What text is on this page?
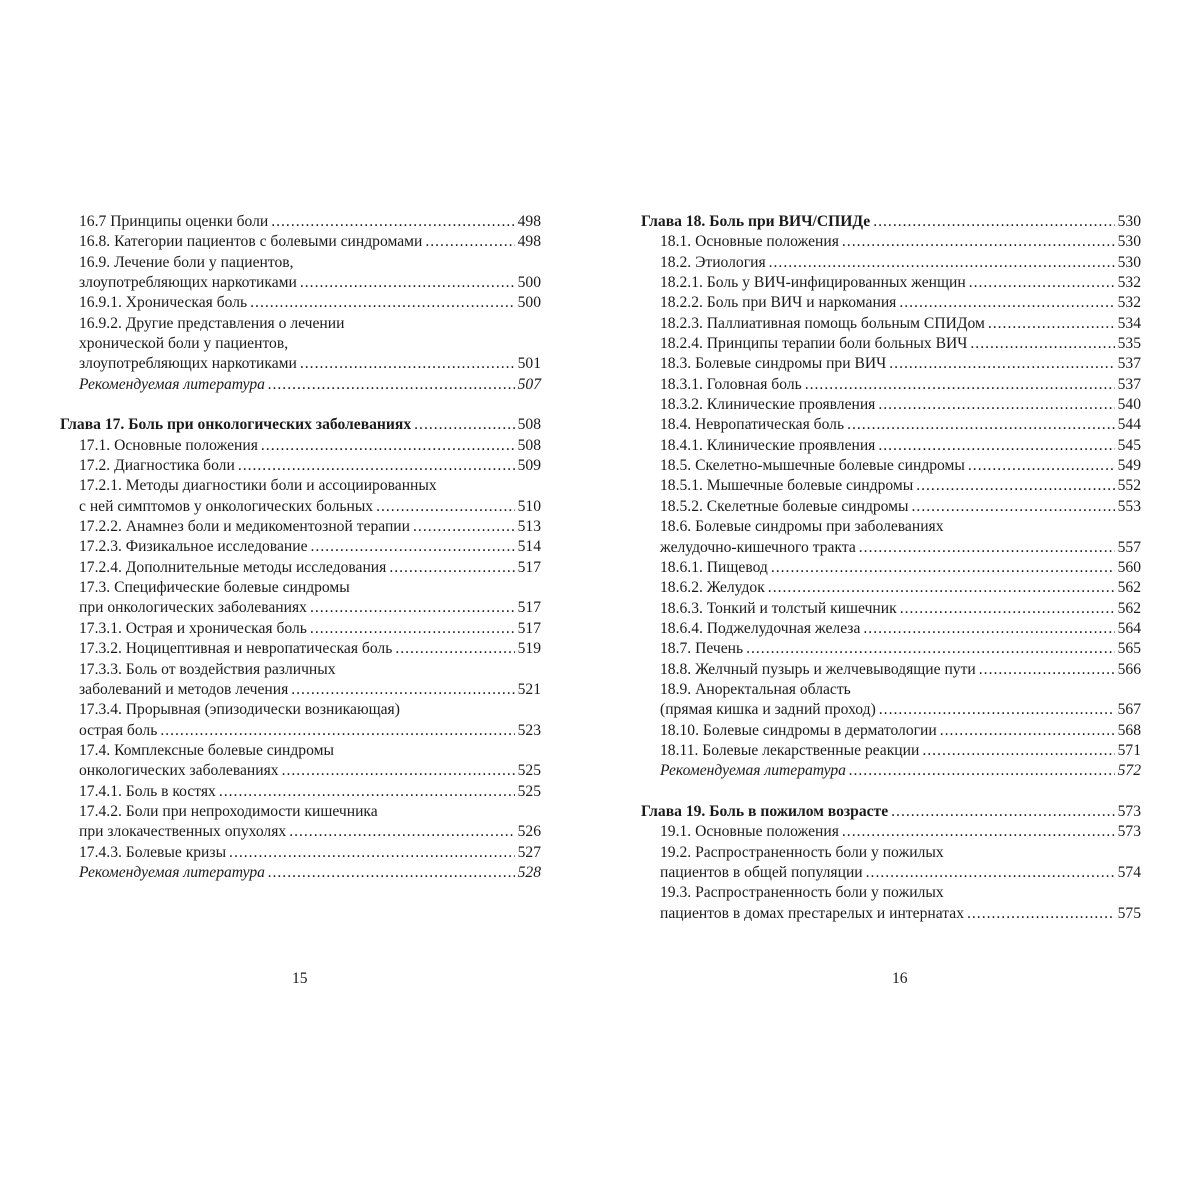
16.7 Принципы оценки боли .....	498
16.8. Категории пациентов с болевыми синдромами .....	498
16.9. Лечение боли у пациентов,
злоупотребляющих наркотиками .....	500
16.9.1. Хроническая боль .....	500
16.9.2. Другие представления о лечении
хронической боли у пациентов,
злоупотребляющих наркотиками .....	501
Рекомендуемая литература .....	507
Глава 17. Боль при онкологических заболеваниях .....	508
17.1. Основные положения .....	508
17.2. Диагностика боли .....	509
17.2.1. Методы диагностики боли и ассоциированных
с ней симптомов у онкологических больных .....	510
17.2.2. Анамнез боли и медикоментозной терапии .....	513
17.2.3. Физикальное исследование .....	514
17.2.4. Дополнительные методы исследования .....	517
17.3. Специфические болевые синдромы
при онкологических заболеваниях .....	517
17.3.1. Острая и хроническая боль .....	517
17.3.2. Ноцицептивная и невропатическая боль .....	519
17.3.3. Боль от воздействия различных
заболеваний и методов лечения .....	521
17.3.4. Прорывная (эпизодически возникающая)
острая боль .....	523
17.4. Комплексные болевые синдромы
онкологических заболеваниях .....	525
17.4.1. Боль в костях .....	525
17.4.2. Боли при непроходимости кишечника
при злокачественных опухолях .....	526
17.4.3. Болевые кризы .....	527
Рекомендуемая литература .....	528
Глава 18. Боль при ВИЧ/СПИДе .....	530
18.1. Основные положения .....	530
18.2. Этиология .....	530
18.2.1. Боль у ВИЧ-инфицированных женщин .....	532
18.2.2. Боль при ВИЧ и наркомания .....	532
18.2.3. Паллиативная помощь больным СПИДом .....	534
18.2.4. Принципы терапии боли больных ВИЧ .....	535
18.3. Болевые синдромы при ВИЧ .....	537
18.3.1. Головная боль .....	537
18.3.2. Клинические проявления .....	540
18.4. Невропатическая боль .....	544
18.4.1. Клинические проявления .....	545
18.5. Скелетно-мышечные болевые синдромы .....	549
18.5.1. Мышечные болевые синдромы .....	552
18.5.2. Скелетные болевые синдромы .....	553
18.6. Болевые синдромы при заболеваниях
желудочно-кишечного тракта .....	557
18.6.1. Пищевод .....	560
18.6.2. Желудок .....	562
18.6.3. Тонкий и толстый кишечник .....	562
18.6.4. Поджелудочная железа .....	564
18.7. Печень .....	565
18.8. Желчный пузырь и желчевыводящие пути .....	566
18.9. Аноректальная область
(прямая кишка и задний проход) .....	567
18.10. Болевые синдромы в дерматологии .....	568
18.11. Болевые лекарственные реакции .....	571
Рекомендуемая литература .....	572
Глава 19. Боль в пожилом возрасте .....	573
19.1. Основные положения .....	573
19.2. Распространенность боли у пожилых
пациентов в общей популяции .....	574
19.3. Распространенность боли у пожилых
пациентов в домах престарелых и интернатах .....	575
15	16
